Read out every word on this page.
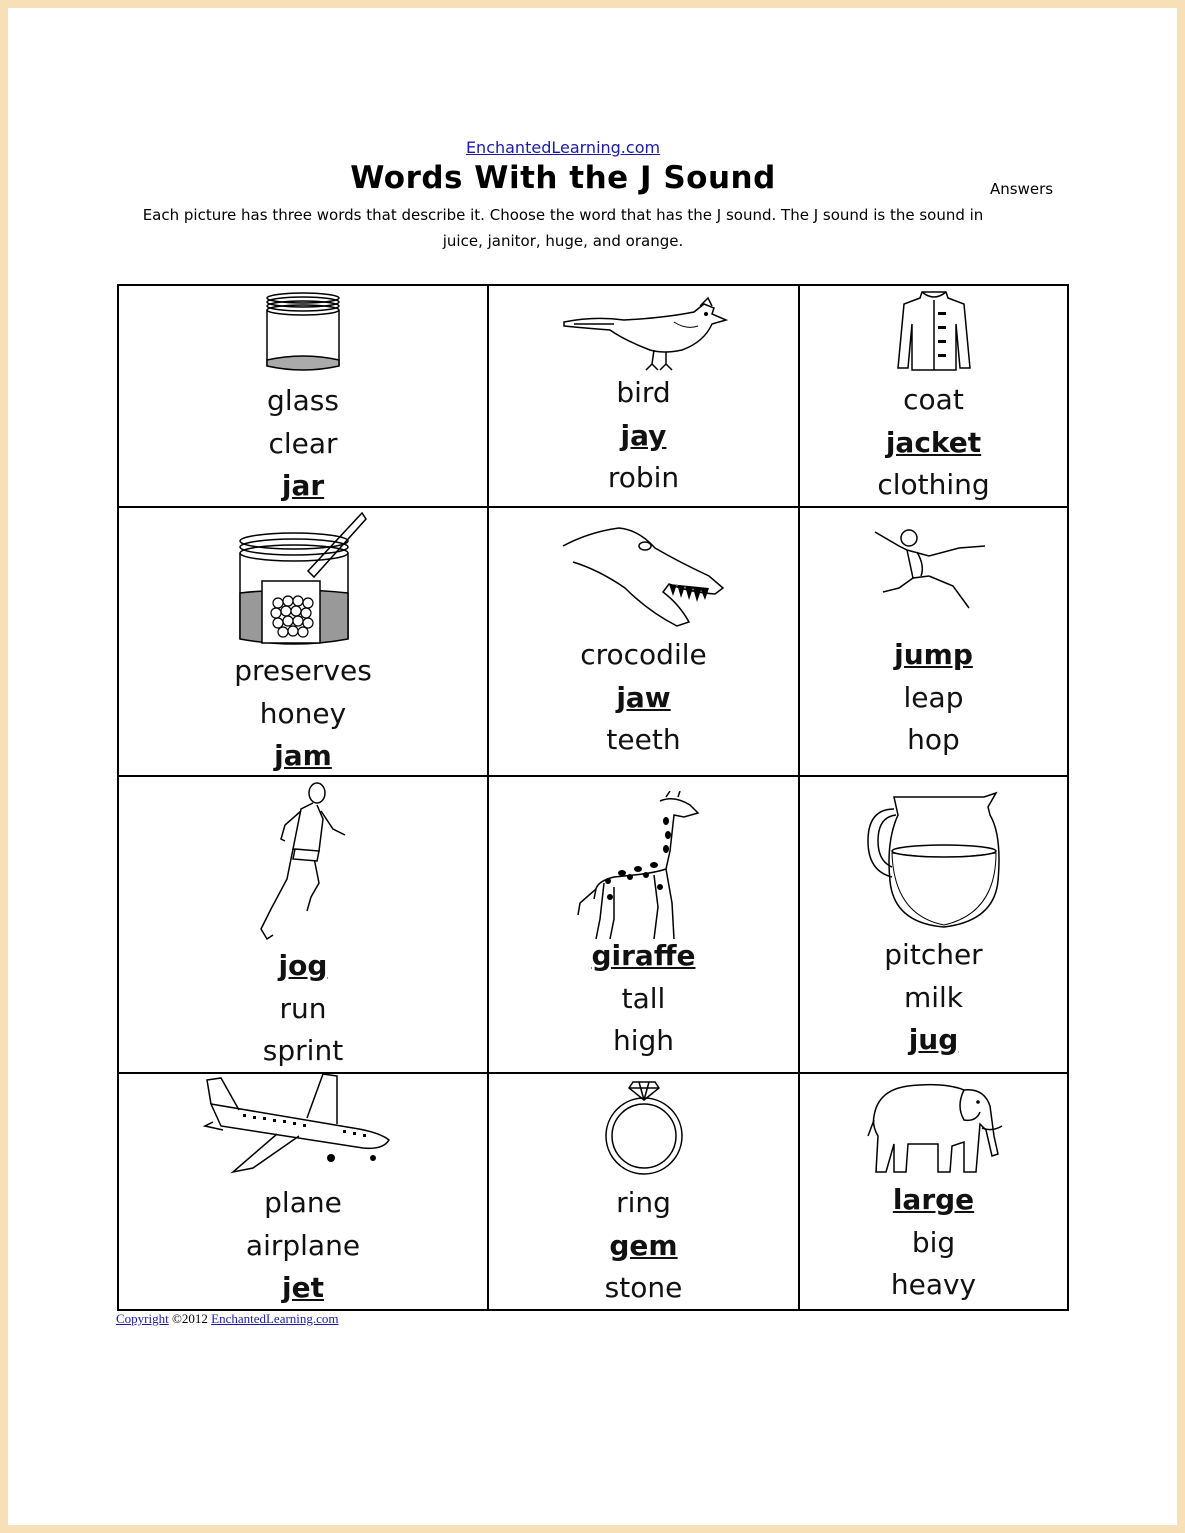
EnchantedLearning.com
Words With the J Sound	Answers
Each picture has three words that describe it. Choose the word that has the J sound. The J sound is the sound in juice, janitor, huge, and orange.
glass
clear
jar
bird
jay
robin
coat
jacket
clothing
preserves
honey
jam
crocodile
jaw
teeth
jump
leap
hop
jog
run
sprint
giraffe
tall
high
pitcher
milk
jug
plane
airplane
jet
ring
gem
stone
large
big
heavy
Copyright ©2012 EnchantedLearning.com
